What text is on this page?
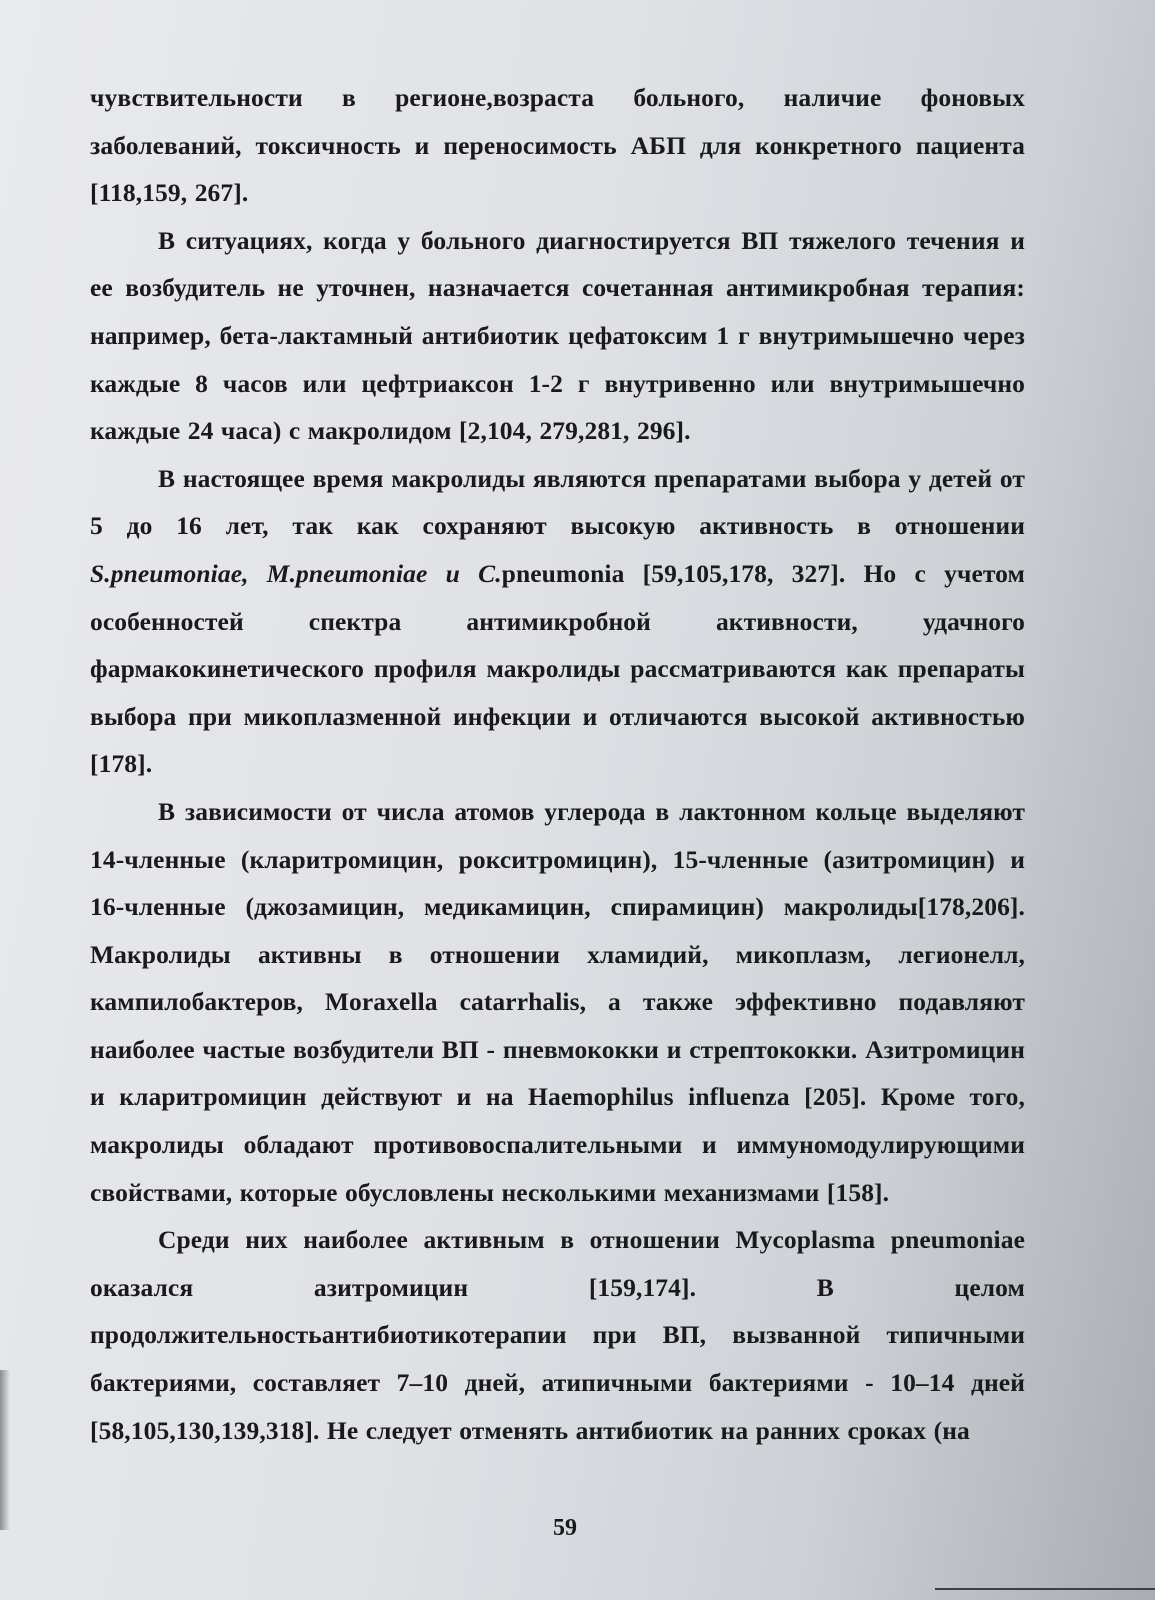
чувствительности в регионе,возраста больного, наличие фоновых заболеваний, токсичность и переносимость АБП для конкретного пациента [118,159, 267].

В ситуациях, когда у больного диагностируется ВП тяжелого течения и ее возбудитель не уточнен, назначается сочетанная антимикробная терапия: например, бета-лактамный антибиотик цефатоксим 1 г внутримышечно через каждые 8 часов или цефтриаксон 1-2 г внутривенно или внутримышечно каждые 24 часа) с макролидом [2,104, 279,281, 296].

В настоящее время макролиды являются препаратами выбора у детей от 5 до 16 лет, так как сохраняют высокую активность в отношении S.pneumoniae, M.pneumoniae и C.pneumonia [59,105,178, 327]. Но с учетом особенностей спектра антимикробной активности, удачного фармакокинетического профиля макролиды рассматриваются как препараты выбора при микоплазменной инфекции и отличаются высокой активностью [178].

В зависимости от числа атомов углерода в лактонном кольце выделяют 14-членные (кларитромицин, рокситромицин), 15-членные (азитромицин) и 16-членные (джозамицин, медикамицин, спирамицин) макролиды[178,206]. Макролиды активны в отношении хламидий, микоплазм, легионелл, кампилобактеров, Moraxella catarrhalis, а также эффективно подавляют наиболее частые возбудители ВП - пневмококки и стрептококки. Азитромицин и кларитромицин действуют и на Haemophilus influenza [205]. Кроме того, макролиды обладают противовоспалительными и иммуномодулирующими свойствами, которые обусловлены несколькими механизмами [158].

Среди них наиболее активным в отношении Mycoplasma pneumoniae оказался азитромицин [159,174]. В целом продолжительностьантибиотикотерапии при ВП, вызванной типичными бактериями, составляет 7–10 дней, атипичными бактериями - 10–14 дней [58,105,130,139,318]. Не следует отменять антибиотик на ранних сроках (на

59
